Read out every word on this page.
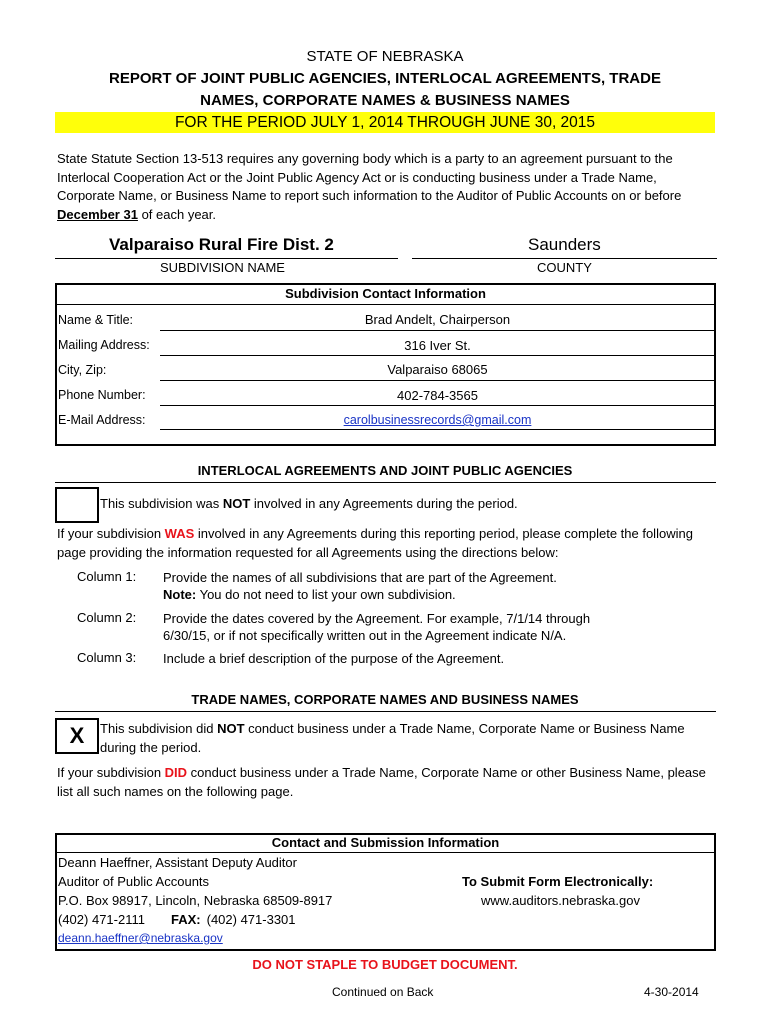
STATE OF NEBRASKA
REPORT OF JOINT PUBLIC AGENCIES, INTERLOCAL AGREEMENTS, TRADE
NAMES, CORPORATE NAMES & BUSINESS NAMES
FOR THE PERIOD JULY 1, 2014 THROUGH JUNE 30, 2015
State Statute Section 13-513 requires any governing body which is a party to an agreement pursuant to the Interlocal Cooperation Act or the Joint Public Agency Act or is conducting business under a Trade Name, Corporate Name, or Business Name to report such information to the Auditor of Public Accounts on or before December 31 of each year.
Valparaiso Rural Fire Dist. 2
SUBDIVISION NAME
Saunders
COUNTY
Subdivision Contact Information
Name & Title:	Brad Andelt, Chairperson
Mailing Address:	316 Iver St.
City, Zip:	Valparaiso 68065
Phone Number:	402-784-3565
E-Mail Address:	carolbusinessrecords@gmail.com
INTERLOCAL AGREEMENTS AND JOINT PUBLIC AGENCIES
This subdivision was NOT involved in any Agreements during the period.
If your subdivision WAS involved in any Agreements during this reporting period, please complete the following page providing the information requested for all Agreements using the directions below:
Column 1: Provide the names of all subdivisions that are part of the Agreement.
Note: You do not need to list your own subdivision.
Column 2: Provide the dates covered by the Agreement. For example, 7/1/14 through
6/30/15, or if not specifically written out in the Agreement indicate N/A.
Column 3: Include a brief description of the purpose of the Agreement.
TRADE NAMES, CORPORATE NAMES AND BUSINESS NAMES
X	This subdivision did NOT conduct business under a Trade Name, Corporate Name or Business Name during the period.
If your subdivision DID conduct business under a Trade Name, Corporate Name or other Business Name, please list all such names on the following page.
Contact and Submission Information
Deann Haeffner, Assistant Deputy Auditor
Auditor of Public Accounts
P.O. Box 98917, Lincoln, Nebraska 68509-8917
(402) 471-2111 FAX: (402) 471-3301
deann.haeffner@nebraska.gov
To Submit Form Electronically:
www.auditors.nebraska.gov
DO NOT STAPLE TO BUDGET DOCUMENT.
Continued on Back	4-30-2014
